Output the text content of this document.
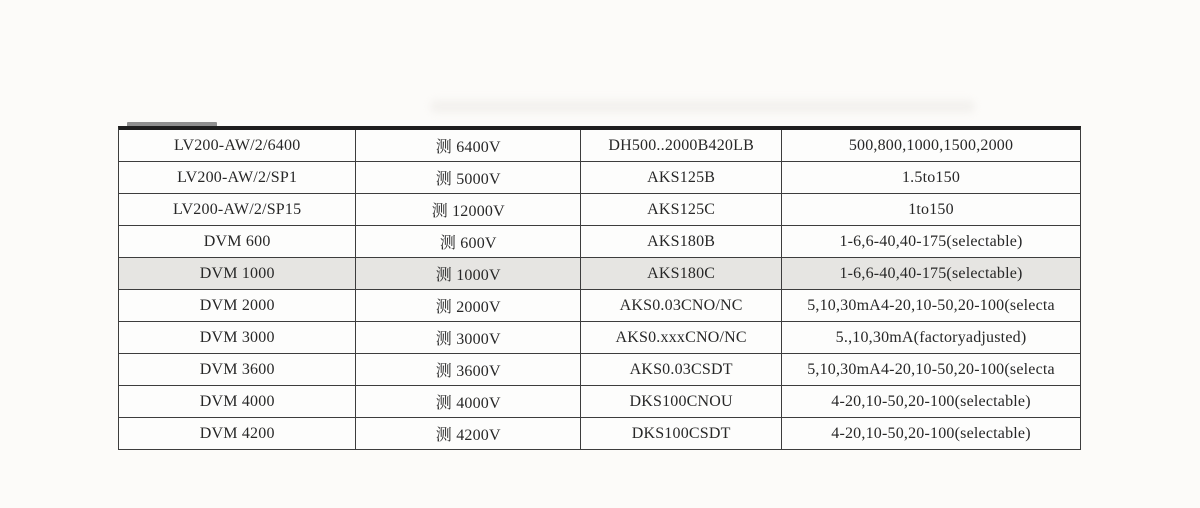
LV200-AW/2/6400	测 6400V	DH500..2000B420LB	500,800,1000,1500,2000
LV200-AW/2/SP1	测 5000V	AKS125B	1.5to150
LV200-AW/2/SP15	测 12000V	AKS125C	1to150
DVM 600	测 600V	AKS180B	1-6,6-40,40-175(selectable)
DVM 1000	测 1000V	AKS180C	1-6,6-40,40-175(selectable)
DVM 2000	测 2000V	AKS0.03CNO/NC	5,10,30mA4-20,10-50,20-100(selecta
DVM 3000	测 3000V	AKS0.xxxCNO/NC	5.,10,30mA(factoryadjusted)
DVM 3600	测 3600V	AKS0.03CSDT	5,10,30mA4-20,10-50,20-100(selecta
DVM 4000	测 4000V	DKS100CNOU	4-20,10-50,20-100(selectable)
DVM 4200	测 4200V	DKS100CSDT	4-20,10-50,20-100(selectable)
